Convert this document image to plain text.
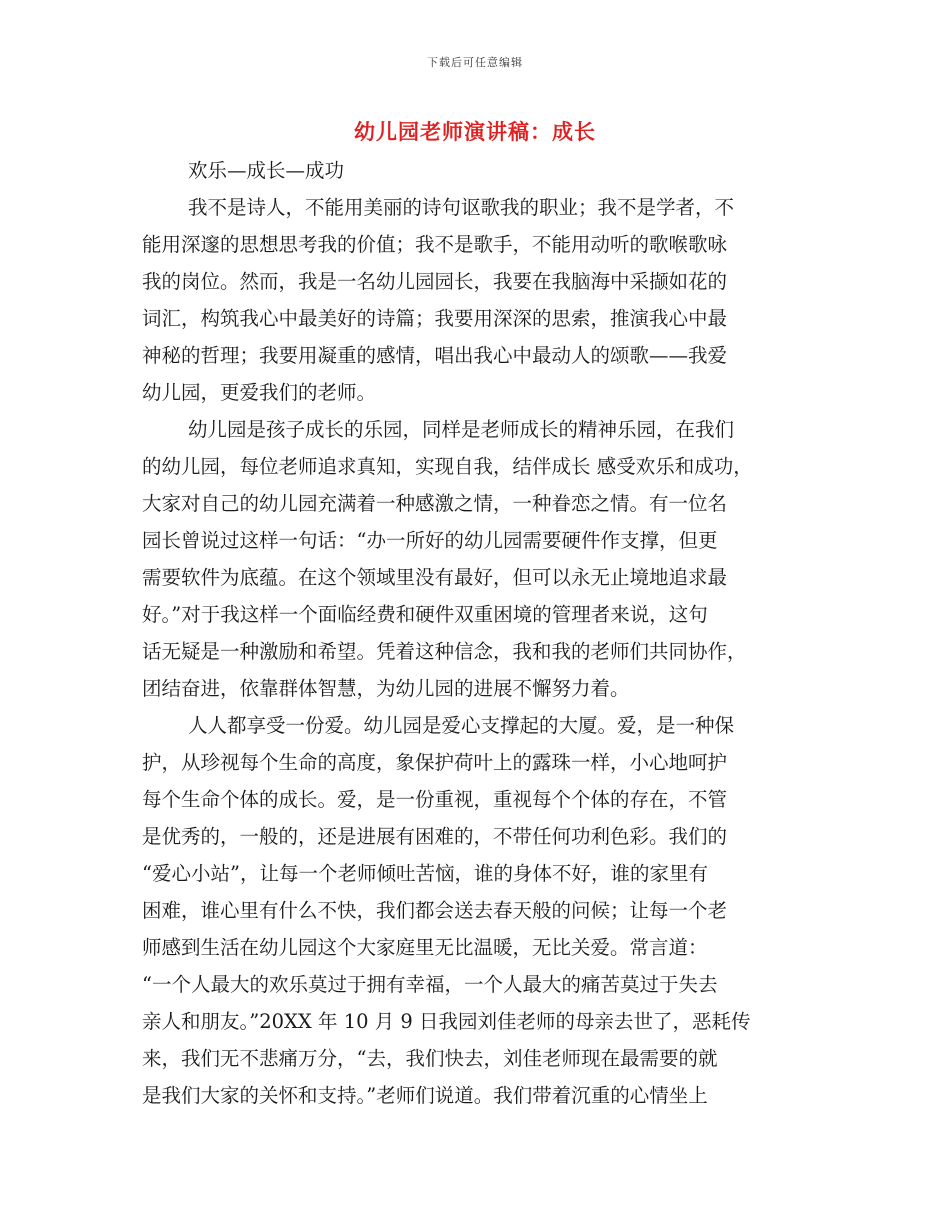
下载后可任意编辑
幼儿园老师演讲稿：成长
欢乐—成长—成功
我不是诗人，不能用美丽的诗句讴歌我的职业；我不是学者，不
能用深邃的思想思考我的价值；我不是歌手，不能用动听的歌喉歌咏
我的岗位。然而，我是一名幼儿园园长，我要在我脑海中采撷如花的
词汇，构筑我心中最美好的诗篇；我要用深深的思索，推演我心中最
神秘的哲理；我要用凝重的感情，唱出我心中最动人的颂歌——我爱
幼儿园，更爱我们的老师。
幼儿园是孩子成长的乐园，同样是老师成长的精神乐园，在我们
的幼儿园，每位老师追求真知，实现自我，结伴成长 感受欢乐和成功，
大家对自己的幼儿园充满着一种感激之情，一种眷恋之情。有一位名
园长曾说过这样一句话：“办一所好的幼儿园需要硬件作支撑，但更
需要软件为底蕴。在这个领域里没有最好，但可以永无止境地追求最
好。”对于我这样一个面临经费和硬件双重困境的管理者来说，这句
话无疑是一种激励和希望。凭着这种信念，我和我的老师们共同协作，
团结奋进，依靠群体智慧，为幼儿园的进展不懈努力着。
人人都享受一份爱。幼儿园是爱心支撑起的大厦。爱，是一种保
护，从珍视每个生命的高度，象保护荷叶上的露珠一样，小心地呵护
每个生命个体的成长。爱，是一份重视，重视每个个体的存在，不管
是优秀的，一般的，还是进展有困难的，不带任何功利色彩。我们的
“爱心小站”，让每一个老师倾吐苦恼，谁的身体不好，谁的家里有
困难，谁心里有什么不快，我们都会送去春天般的问候；让每一个老
师感到生活在幼儿园这个大家庭里无比温暖，无比关爱。常言道：
“一个人最大的欢乐莫过于拥有幸福，一个人最大的痛苦莫过于失去
亲人和朋友。”20XX 年 10 月 9 日我园刘佳老师的母亲去世了，恶耗传
来，我们无不悲痛万分，“去，我们快去，刘佳老师现在最需要的就
是我们大家的关怀和支持。”老师们说道。我们带着沉重的心情坐上
